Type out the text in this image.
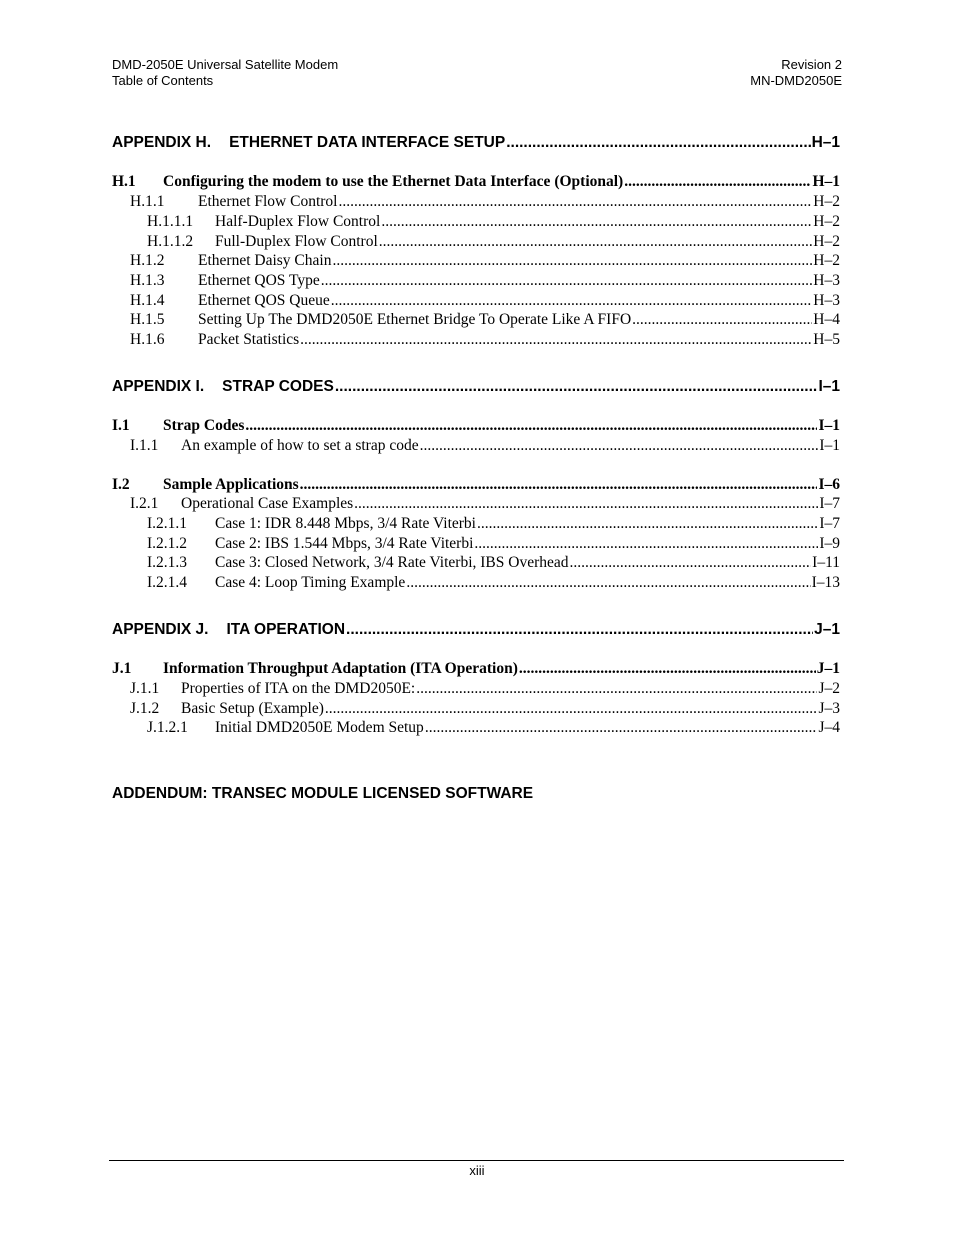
DMD-2050E Universal Satellite Modem
Table of Contents
Revision 2
MN-DMD2050E
APPENDIX H. ETHERNET DATA INTERFACE SETUP .....	H–1
H.1	Configuring the modem to use the Ethernet Data Interface (Optional) .....	H–1
H.1.1	Ethernet Flow Control .....	H–2
H.1.1.1	Half-Duplex Flow Control .....	H–2
H.1.1.2	Full-Duplex Flow Control .....	H–2
H.1.2	Ethernet Daisy Chain .....	H–2
H.1.3	Ethernet QOS Type .....	H–3
H.1.4	Ethernet QOS Queue .....	H–3
H.1.5	Setting Up The DMD2050E Ethernet Bridge To Operate Like A FIFO .....	H–4
H.1.6	Packet Statistics .....	H–5
APPENDIX I. STRAP CODES .....	I–1
I.1	Strap Codes .....	I–1
I.1.1	An example of how to set a strap code .....	I–1
I.2	Sample Applications .....	I–6
I.2.1	Operational Case Examples .....	I–7
I.2.1.1	Case 1: IDR 8.448 Mbps, 3/4 Rate Viterbi .....	I–7
I.2.1.2	Case 2: IBS 1.544 Mbps, 3/4 Rate Viterbi .....	I–9
I.2.1.3	Case 3: Closed Network, 3/4 Rate Viterbi, IBS Overhead .....	I–11
I.2.1.4	Case 4: Loop Timing Example .....	I–13
APPENDIX J. ITA OPERATION .....	J–1
J.1	Information Throughput Adaptation (ITA Operation) .....	J–1
J.1.1	Properties of ITA on the DMD2050E: .....	J–2
J.1.2	Basic Setup (Example) .....	J–3
J.1.2.1	Initial DMD2050E Modem Setup .....	J–4
ADDENDUM: TRANSEC MODULE LICENSED SOFTWARE
xiii
